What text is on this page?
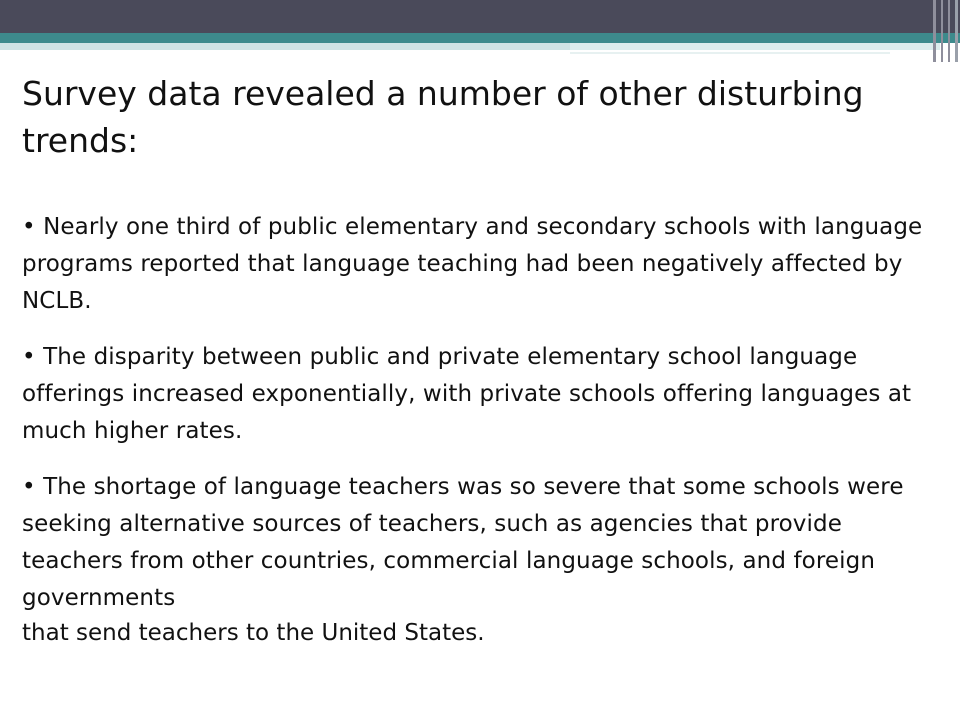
Survey data revealed a number of other disturbing trends:

• Nearly one third of public elementary and secondary schools with language programs reported that language teaching had been negatively affected by NCLB.

• The disparity between public and private elementary school language offerings increased exponentially, with private schools offering languages at much higher rates.

• The shortage of language teachers was so severe that some schools were seeking alternative sources of teachers, such as agencies that provide teachers from other countries, commercial language schools, and foreign governments

that send teachers to the United States.
